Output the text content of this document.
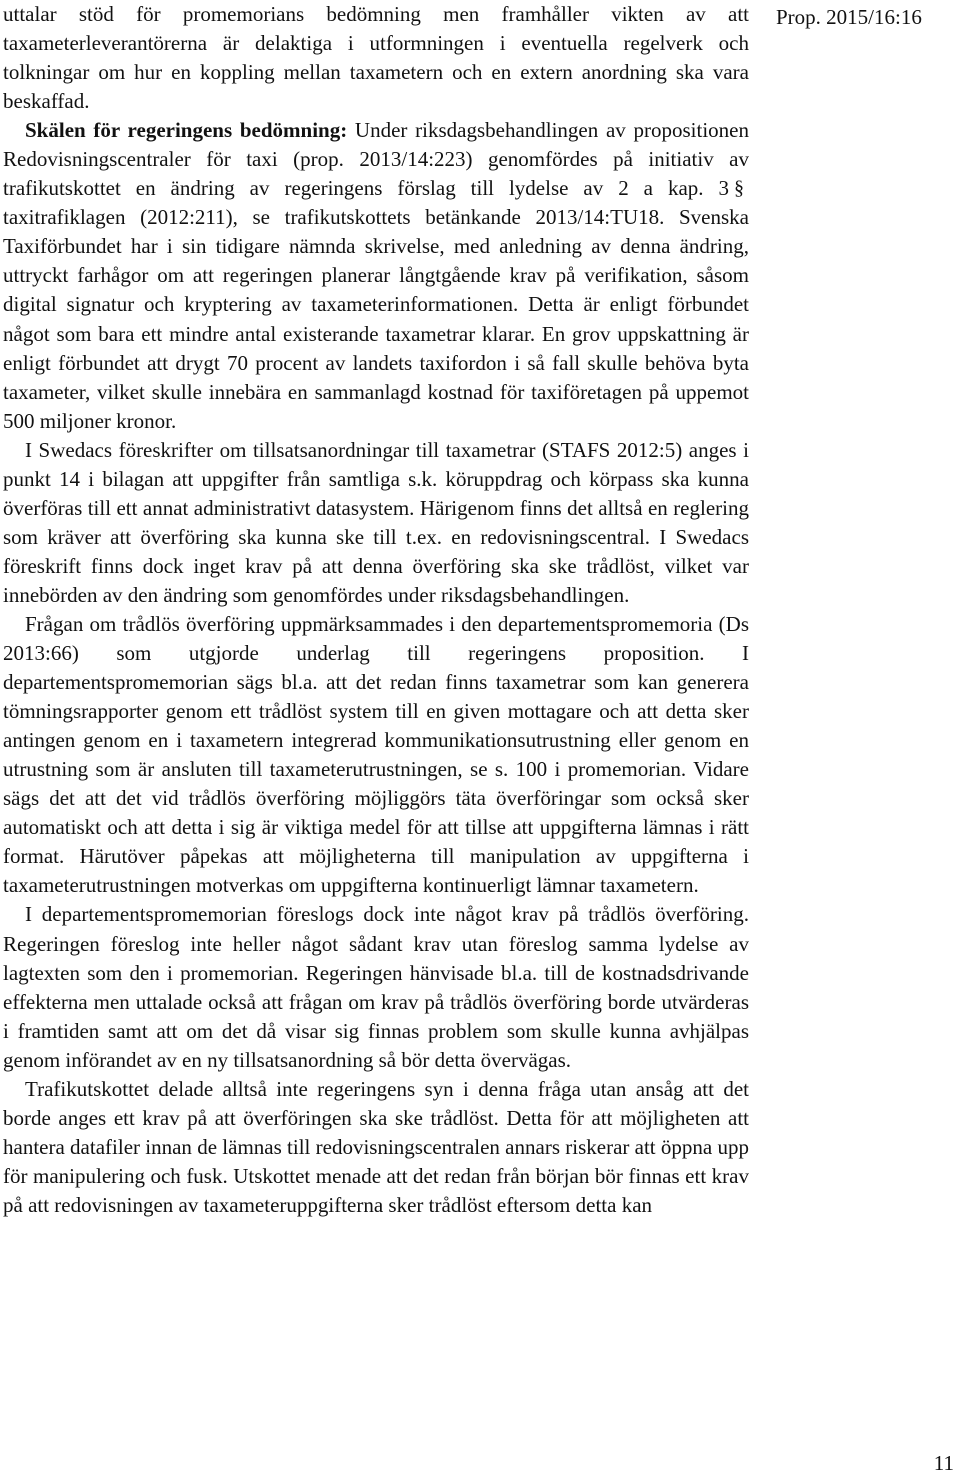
uttalar stöd för promemorians bedömning men framhåller vikten av att taxameterleverantörerna är delaktiga i utformningen i eventuella regelverk och tolkningar om hur en koppling mellan taxametern och en extern anordning ska vara beskaffad.

Skälen för regeringens bedömning: Under riksdagsbehandlingen av propositionen Redovisningscentraler för taxi (prop. 2013/14:223) genomfördes på initiativ av trafikutskottet en ändring av regeringens förslag till lydelse av 2 a kap. 3 §
taxitrafiklagen (2012:211), se trafikutskottets betänkande 2013/14:TU18. Svenska Taxiförbundet har i sin tidigare nämnda skrivelse, med anledning av denna ändring, uttryckt farhågor om att regeringen planerar långtgående krav på verifikation, såsom digital signatur och kryptering av taxameterinformationen. Detta är enligt förbundet något som bara ett mindre antal existerande taxametrar klarar. En grov uppskattning är enligt förbundet att drygt 70 procent av landets taxifordon i så fall skulle behöva byta taxameter, vilket skulle innebära en sammanlagd kostnad för taxiföretagen på uppemot 500 miljoner kronor.

I Swedacs föreskrifter om tillsatsanordningar till taxametrar (STAFS 2012:5) anges i punkt 14 i bilagan att uppgifter från samtliga s.k. köruppdrag och körpass ska kunna överföras till ett annat administrativt datasystem. Härigenom finns det alltså en reglering som kräver att överföring ska kunna ske till t.ex. en redovisningscentral. I Swedacs föreskrift finns dock inget krav på att denna överföring ska ske trådlöst, vilket var innebörden av den ändring som genomfördes under riksdagsbehandlingen.

Frågan om trådlös överföring uppmärksammades i den departementspromemoria (Ds 2013:66) som utgjorde underlag till regeringens proposition. I departementspromemorian sägs bl.a. att det redan finns taxametrar som kan generera tömningsrapporter genom ett trådlöst system till en given mottagare och att detta sker antingen genom en i taxametern integrerad kommunikationsutrustning eller genom en utrustning som är ansluten till taxameterutrustningen, se s. 100 i promemorian. Vidare sägs det att det vid trådlös överföring möjliggörs täta överföringar som också sker automatiskt och att detta i sig är viktiga medel för att tillse att uppgifterna lämnas i rätt format. Härutöver påpekas att möjligheterna till manipulation av uppgifterna i taxameterutrustningen motverkas om uppgifterna kontinuerligt lämnar taxametern.

I departementspromemorian föreslogs dock inte något krav på trådlös överföring. Regeringen föreslog inte heller något sådant krav utan föreslog samma lydelse av lagtexten som den i promemorian. Regeringen hänvisade bl.a. till de kostnadsdrivande effekterna men uttalade också att frågan om krav på trådlös överföring borde utvärderas i framtiden samt att om det då visar sig finnas problem som skulle kunna avhjälpas genom införandet av en ny tillsatsanordning så bör detta övervägas.

Trafikutskottet delade alltså inte regeringens syn i denna fråga utan ansåg att det borde anges ett krav på att överföringen ska ske trådlöst. Detta för att möjligheten att hantera datafiler innan de lämnas till redovisningscentralen annars riskerar att öppna upp för manipulering och fusk. Utskottet menade att det redan från början bör finnas ett krav på att redovisningen av taxameteruppgifterna sker trådlöst eftersom detta kan

Prop. 2015/16:16
11
